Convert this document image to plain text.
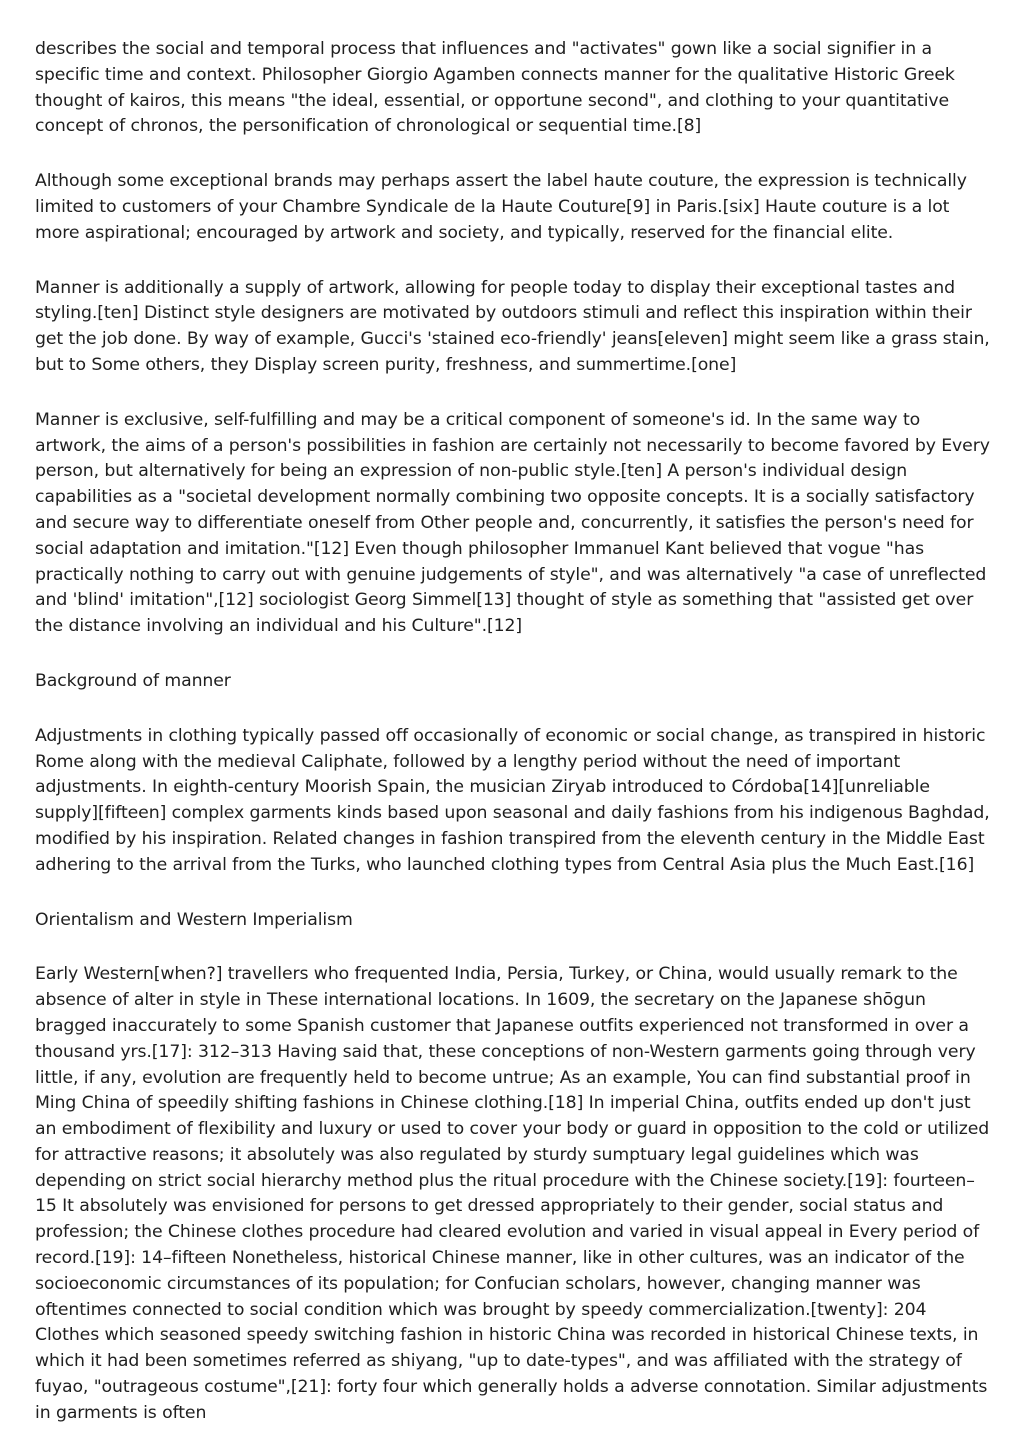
describes the social and temporal process that influences and "activates" gown like a social signifier in a specific time and context. Philosopher Giorgio Agamben connects manner for the qualitative Historic Greek thought of kairos, this means "the ideal, essential, or opportune second", and clothing to your quantitative concept of chronos, the personification of chronological or sequential time.[8]

Although some exceptional brands may perhaps assert the label haute couture, the expression is technically limited to customers of your Chambre Syndicale de la Haute Couture[9] in Paris.[six] Haute couture is a lot more aspirational; encouraged by artwork and society, and typically, reserved for the financial elite.

Manner is additionally a supply of artwork, allowing for people today to display their exceptional tastes and styling.[ten] Distinct style designers are motivated by outdoors stimuli and reflect this inspiration within their get the job done. By way of example, Gucci's 'stained eco-friendly' jeans[eleven] might seem like a grass stain, but to Some others, they Display screen purity, freshness, and summertime.[one]

Manner is exclusive, self-fulfilling and may be a critical component of someone's id. In the same way to artwork, the aims of a person's possibilities in fashion are certainly not necessarily to become favored by Every person, but alternatively for being an expression of non-public style.[ten] A person's individual design capabilities as a "societal development normally combining two opposite concepts. It is a socially satisfactory and secure way to differentiate oneself from Other people and, concurrently, it satisfies the person's need for social adaptation and imitation."[12] Even though philosopher Immanuel Kant believed that vogue "has practically nothing to carry out with genuine judgements of style", and was alternatively "a case of unreflected and 'blind' imitation",[12] sociologist Georg Simmel[13] thought of style as something that "assisted get over the distance involving an individual and his Culture".[12]

Background of manner

Adjustments in clothing typically passed off occasionally of economic or social change, as transpired in historic Rome along with the medieval Caliphate, followed by a lengthy period without the need of important adjustments. In eighth-century Moorish Spain, the musician Ziryab introduced to Córdoba[14][unreliable supply][fifteen] complex garments kinds based upon seasonal and daily fashions from his indigenous Baghdad, modified by his inspiration. Related changes in fashion transpired from the eleventh century in the Middle East adhering to the arrival from the Turks, who launched clothing types from Central Asia plus the Much East.[16]

Orientalism and Western Imperialism

Early Western[when?] travellers who frequented India, Persia, Turkey, or China, would usually remark to the absence of alter in style in These international locations. In 1609, the secretary on the Japanese shōgun bragged inaccurately to some Spanish customer that Japanese outfits experienced not transformed in over a thousand yrs.[17]: 312–313 Having said that, these conceptions of non-Western garments going through very little, if any, evolution are frequently held to become untrue; As an example, You can find substantial proof in Ming China of speedily shifting fashions in Chinese clothing.[18] In imperial China, outfits ended up don't just an embodiment of flexibility and luxury or used to cover your body or guard in opposition to the cold or utilized for attractive reasons; it absolutely was also regulated by sturdy sumptuary legal guidelines which was depending on strict social hierarchy method plus the ritual procedure with the Chinese society.[19]: fourteen–15 It absolutely was envisioned for persons to get dressed appropriately to their gender, social status and profession; the Chinese clothes procedure had cleared evolution and varied in visual appeal in Every period of record.[19]: 14–fifteen Nonetheless, historical Chinese manner, like in other cultures, was an indicator of the socioeconomic circumstances of its population; for Confucian scholars, however, changing manner was oftentimes connected to social condition which was brought by speedy commercialization.[twenty]: 204 Clothes which seasoned speedy switching fashion in historic China was recorded in historical Chinese texts, in which it had been sometimes referred as shiyang, "up to date-types", and was affiliated with the strategy of fuyao, "outrageous costume",[21]: forty four which generally holds a adverse connotation. Similar adjustments in garments is often
